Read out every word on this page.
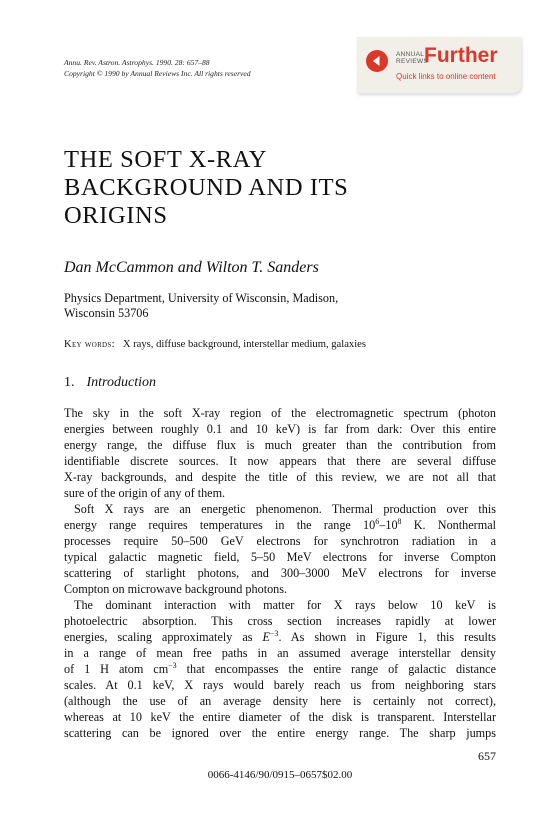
Annu. Rev. Astron. Astrophys. 1990. 28: 657–88
Copyright © 1990 by Annual Reviews Inc. All rights reserved
ANNUAL
REVIEWS
Further
Quick links to online content
THE SOFT X-RAY
BACKGROUND AND ITS
ORIGINS
Dan McCammon and Wilton T. Sanders
Physics Department, University of Wisconsin, Madison,
Wisconsin 53706
Key words: X rays, diffuse background, interstellar medium, galaxies
1. Introduction
The sky in the soft X-ray region of the electromagnetic spectrum (photon
energies between roughly 0.1 and 10 keV) is far from dark: Over this entire
energy range, the diffuse flux is much greater than the contribution from
identifiable discrete sources. It now appears that there are several diffuse
X-ray backgrounds, and despite the title of this review, we are not all that
sure of the origin of any of them.
Soft X rays are an energetic phenomenon. Thermal production over this
energy range requires temperatures in the range $10^6-10^8$ K. Nonthermal
processes require 50–500 GeV electrons for synchrotron radiation in a
typical galactic magnetic field, 5–50 MeV electrons for inverse Compton
scattering of starlight photons, and 300–3000 MeV electrons for inverse
Compton on microwave background photons.
The dominant interaction with matter for X rays below 10 keV is
photoelectric absorption. This cross section increases rapidly at lower
energies, scaling approximately as $E^{-3}$. As shown in Figure 1, this results
in a range of mean free paths in an assumed average interstellar density
of 1 H atom $cm^{-3}$ that encompasses the entire range of galactic distance
scales. At 0.1 keV, X rays would barely reach us from neighboring stars
(although the use of an average density here is certainly not correct),
whereas at 10 keV the entire diameter of the disk is transparent. Interstellar
scattering can be ignored over the entire energy range. The sharp jumps
657
0066-4146/90/0915–0657$02.00
